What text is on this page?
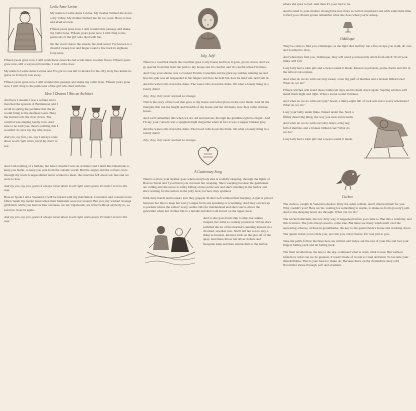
Leslie Anne Levine

My name is Leslie Anne Levine. My mother birthed me down a dry valley. My mother birthed me far too soon. Born at nine and dead at noon.

Fifteen years gone now, I still wander this passage and shake my rattle bone. Fifteen years gone now, I still cling to the petticoats of the girl who died with me.

On the road I dance the streets, the dark sewer I've known is a chasm I sweep low and linger round a fire back in eighteen forty-nine.

Fifteen years gone now, I still wash these cassocks and scrub these wooden floors. Fifteen years gone now, still a wayward traveller, I wait at the door.

My name is Leslie Anne Levine and I've got no one left to mourn for me. My body lies inside its grave as it slowly rots away.

Fifteen years gone now, I still wander this passage and shake my rattle bone. Fifteen years gone now, I still cling to the petticoats of the girl who died with me.

Here I Dreamt I Was an Architect

And here I dreamt I was a soldier and I marched the spreads of Battlestreet and I recall in spring the perfume that the air would bring to the deafness town. Here the barbers tall, the river down. The carnival was singing loudly now. And sure to be with you, there's nothing that I wouldn't do save lay my rifle down.

And you, my fair, you, say I always come down to all right when you'd lay there to see.

And I am nothing of a builder, but here I dreamt I was an architect and I built this balustrade to keep you home, to keep you safe from the outside world. But the angles and the corners cross through my work is unparalleled never wanted to meet, the structure fell about our feet and we were to lose.

And my you, my you, guess it always came down to all right when guess it's better to turn this way.

Here in Spain I am a Spaniard, I will be buried with my matchstick. Crusaders and consorts have fallen 'neath my tender hand when their husbands were not around. But you, my wicked revenge girlfriend, while you harrow like a lioness, we are vagabonds, we travel without anybody so, so sad now close in again.

And my you, my you, guess it always came down to all right when guess it's better to turn this way.

July, July!

There is a road that meets the road that goes to my house and how it goes, grows down. And we go special from that hour the path to my house and it's careful, and it's careful when I'm there.

And I say your smoke was a crooked Pontiac Canadian and he grew up sudden running up and how his gun was all suspended in his fingers and how he held his, how he held 'em, held 'em in.

And the water rolls down the drain. The water rolls down the drain. Oh what a lonely thing in a lonely drain!

July, July, July never seemed so strange.

This is the story of the road that goes to my house and what glows in the ever mean. And all the triangles that run the length and breadth of my house and the chickens, how they rattle chicken bones.

And we'll remember this when we are old and uneven, through the grumble right be ringin'. And I'll say your console was a spaghetti light magazine when in fact it was a supper blanket gray.

And the water rolls down the drain. The blood rolls down the drain. Oh what a lonely thing in a lonely drain!

July, July, July never seemed so strange.

A Cautionary Song

There's a place your mother goes when everybody else is soundly sleeping, through the lights of Boscoe Street and I you listen you can hear her weeping. She's weeping because the gentlemen are calling and she never is softly falling on her petticoats and she's standing in the harbor and she's waiting for the sailors in the jolly boat, for how they sprinted.

With dirty hands and trousers torn they grapple 'til she's left without their keeping. A gun is placed between her lips to keep her savvy tongue from any speaking or screaming. And they can her up to packets where the sailors' scary, sadist calls for maidenhead and she's starve above the gatewider when her clothes fall to a bundle and she's laid in bed on the upper deck.

And so she goes from ship to ship, her ankles clasped, her arms so crudely protected, 'til late she's satisfied the lot of the mariner's sunning interest in a chocked, sawdust tree. She'll tell her son to stay a thing as incense, knotted, kick on the pier off of the quay. And there throw her silver dollars and mosquito kelp and then returns him to the harbor.

where she goes to bed. And then it's your bed to be.

And be kind to your mother, through the stay more as verbal sweetheart and with some time time to find you collared gotten remember what she does when you're asleep.

Odalisque

They've come to find you, Odalisque, as the light dies terribly. On a fire escape you walk, all care and troubled to drop.

And when they find you, Odalisque, they will wind you heavenly stitch from stitch 'til all your limbs will fall.

Lazy lady had a satin girl and a sweet sound it made. Raised on prickets, praise ducks and dirt in the tallrod colocations.

And what do we do with our lady sweet, a last big puff of marbles and a broken billiard cue? What do we do?

Fifteen witches will stand those bathroom days and tie them down again. Sapling witches will mend them night and right. What a sweet sound it makes.

And what do we do with our lady? Jewel, a thirty-eight full of rock salt and a worry whetstone? What do we do?

Lazy your belly under mine. Naked under me. Such a fifthly deserving thing, the way you kick and scream.

And what do we do with our baby dears, a big bag full of marbles and a broken billiard cue? What do we do?

Lazy lady had a satin girl and a sweet sound it made.

Cuckoo

The cuckoo, caught in Venetian shadow. Only the ashes remain. And I married them for you. Why couldn't you? Here we lie, waiting for something to startle, to shake us from grocery's pall. And so the sleeping hours are through. What can we do?

The wicked alluvium, the low dirty way, it happened before you came to. But this a celebrity, and this is unrest. The jobs always used to come true. But there are many windowsill over the answering adverse, written in grandmarks, the key to the quarterback's house and cracking doors.

The queen writes you to hide you, provide you, what I know if it was just to you.

Take the palm, follow the lines here are written and swipe out the rest of your life and lost your fingers failing each and all fading back.

The final recollection, the tale to the sky, continued what is cruel, what is true. But without reflection, what can we do greatest, it wasn't made of words so cruel and kind. To become your thunderflakes. This is your heart to make do. Because there on the clothesline deep cold November shone through, soft and obedient.
